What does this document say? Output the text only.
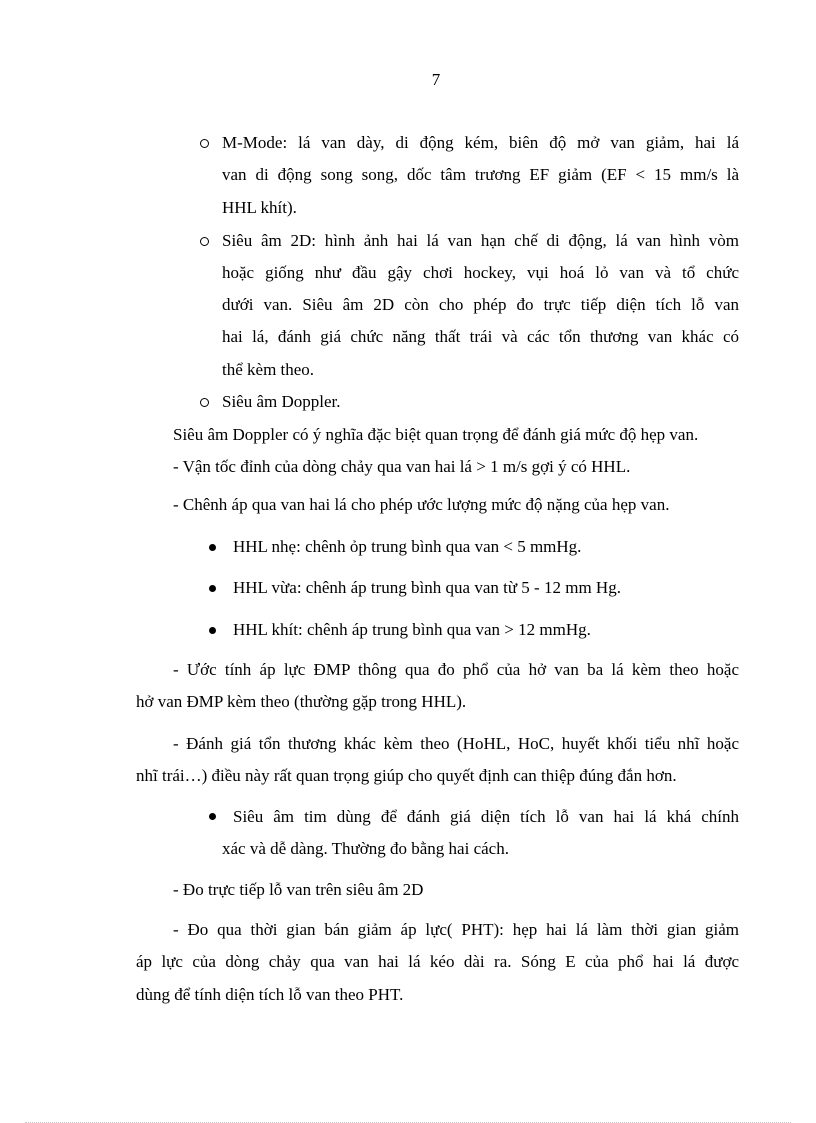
7
M-Mode: lá van dày, di động kém, biên độ mở van giảm, hai lá
van di động song song, dốc tâm trương EF giảm (EF < 15 mm/s là
HHL khít).
Siêu âm 2D: hình ảnh hai lá van hạn chế di động, lá van hình vòm
hoặc giống như đầu gậy chơi hockey, vụi hoá lỏ van và tổ chức
dưới van. Siêu âm 2D còn cho phép đo trực tiếp diện tích lỗ van
hai lá, đánh giá chức năng thất trái và các tổn thương van khác có
thể kèm theo.
Siêu âm Doppler.
Siêu âm Doppler có ý nghĩa đặc biệt quan trọng để đánh giá mức độ hẹp van.
- Vận tốc đỉnh của dòng chảy qua van hai lá > 1 m/s gợi ý có HHL.
- Chênh áp qua van hai lá cho phép ước lượng mức độ nặng của hẹp van.
HHL nhẹ: chênh ỏp trung bình qua van < 5 mmHg.
HHL vừa: chênh áp trung bình qua van từ 5 - 12 mm Hg.
HHL khít: chênh áp trung bình qua van > 12 mmHg.
- Ước tính áp lực ĐMP thông qua đo phổ của hở van ba lá kèm theo hoặc
hở van ĐMP kèm theo (thường gặp trong HHL).
- Đánh giá tổn thương khác kèm theo (HoHL, HoC, huyết khối tiểu nhĩ hoặc
nhĩ trái…) điều này rất quan trọng giúp cho quyết định can thiệp đúng đắn hơn.
Siêu âm tim dùng để đánh giá diện tích lỗ van hai lá khá chính
xác và dễ dàng. Thường đo bằng hai cách.
- Đo trực tiếp lỗ van trên siêu âm 2D
- Đo qua thời gian bán giảm áp lực( PHT): hẹp hai lá làm thời gian giảm
áp lực của dòng chảy qua van hai lá kéo dài ra. Sóng E của phổ hai lá được
dùng để tính diện tích lỗ van theo PHT.
